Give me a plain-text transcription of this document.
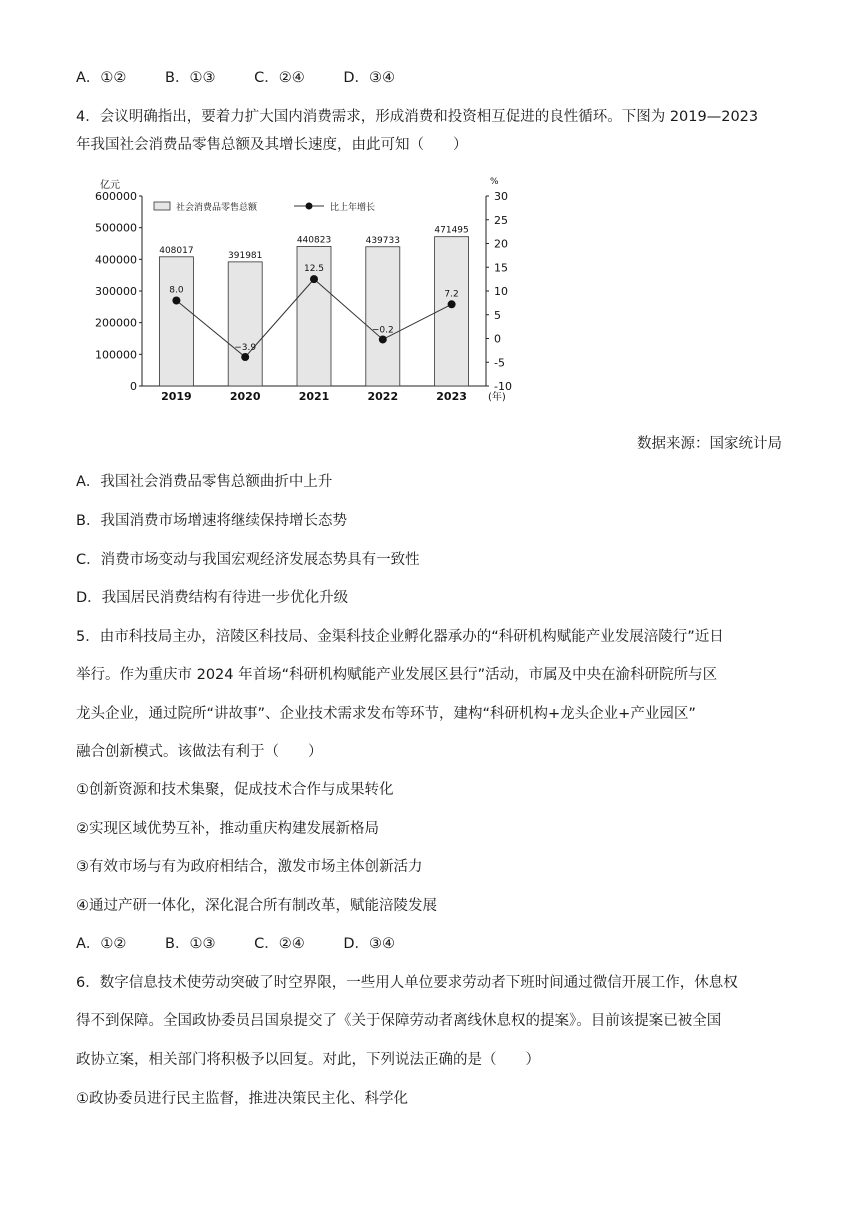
A．①②	B．①③	C．②④	D．③④
4．会议明确指出，要着力扩大国内消费需求，形成消费和投资相互促进的良性循环。下图为 2019—2023
年我国社会消费品零售总额及其增长速度，由此可知（　　）
0
100000
200000
300000
400000
500000
600000
-10
-5
0
5
10
15
20
25
30
亿元	%
社会消费品零售总额	比上年增长
408017
2019
391981
2020
440823
2021
439733
2022
471495
2023 (年)
8.0
−3.9
12.5
−0.2
7.2
数据来源：国家统计局
A．我国社会消费品零售总额曲折中上升
B．我国消费市场增速将继续保持增长态势
C．消费市场变动与我国宏观经济发展态势具有一致性
D．我国居民消费结构有待进一步优化升级
5．由市科技局主办，涪陵区科技局、金渠科技企业孵化器承办的“科研机构赋能产业发展涪陵行”近日
举行。作为重庆市 2024 年首场“科研机构赋能产业发展区县行”活动，市属及中央在渝科研院所与区
龙头企业，通过院所“讲故事”、企业技术需求发布等环节，建构“科研机构+龙头企业+产业园区”
融合创新模式。该做法有利于（　　）
①创新资源和技术集聚，促成技术合作与成果转化
②实现区域优势互补，推动重庆构建发展新格局
③有效市场与有为政府相结合，激发市场主体创新活力
④通过产研一体化，深化混合所有制改革，赋能涪陵发展
A．①②	B．①③	C．②④	D．③④
6．数字信息技术使劳动突破了时空界限，一些用人单位要求劳动者下班时间通过微信开展工作，休息权
得不到保障。全国政协委员吕国泉提交了《关于保障劳动者离线休息权的提案》。目前该提案已被全国
政协立案，相关部门将积极予以回复。对此，下列说法正确的是（　　）
①政协委员进行民主监督，推进决策民主化、科学化
